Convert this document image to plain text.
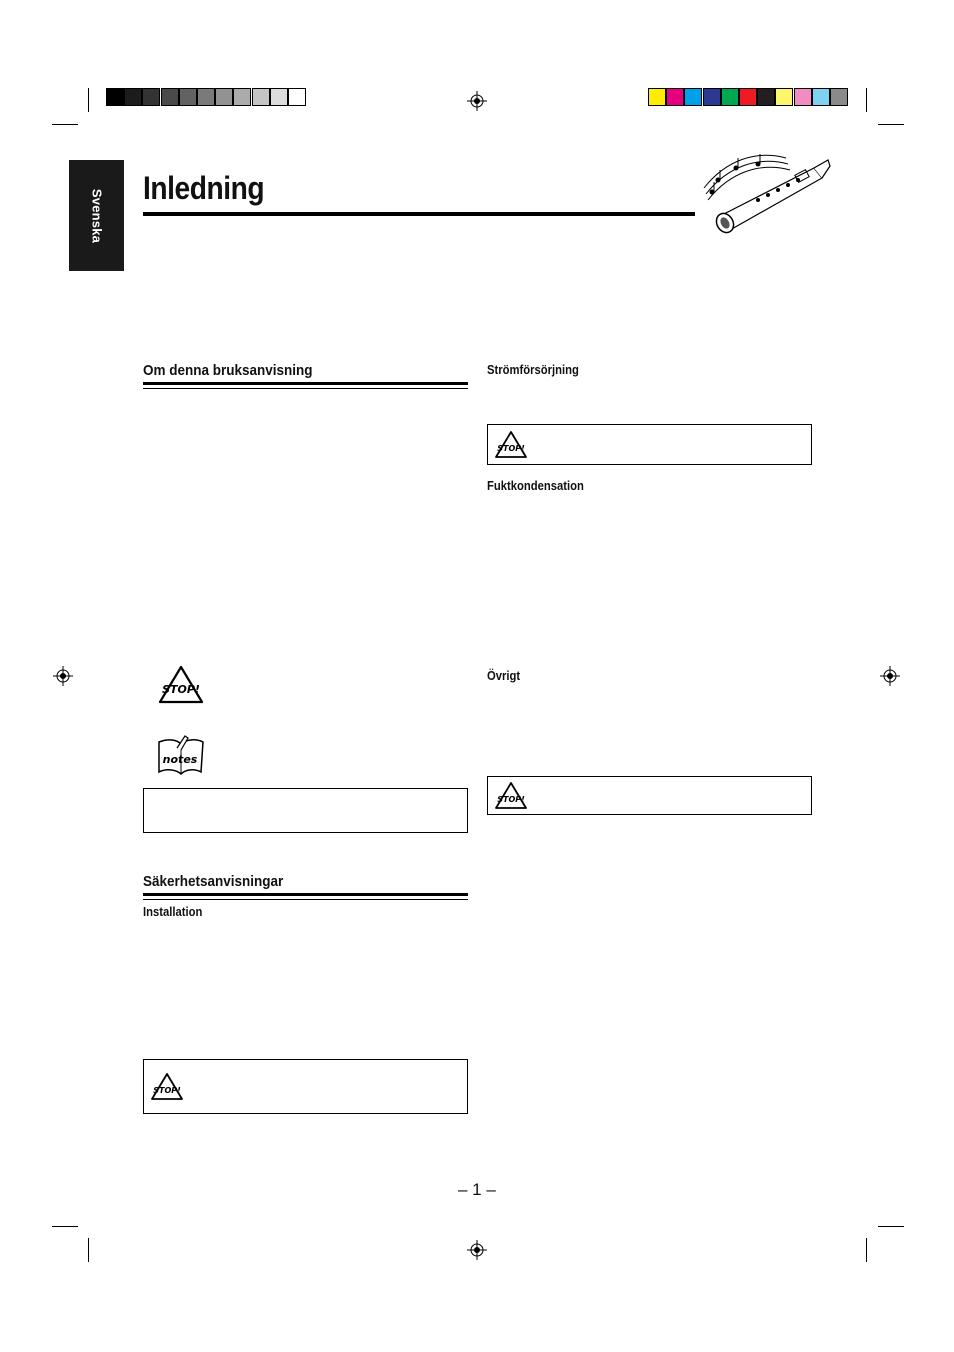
Svenska
Inledning
Om denna bruksanvisning
STOP!
notes
Säkerhetsanvisningar
Installation
STOP!
Strömförsörjning
STOP!
Fuktkondensation
Övrigt
STOP!
– 1 –
